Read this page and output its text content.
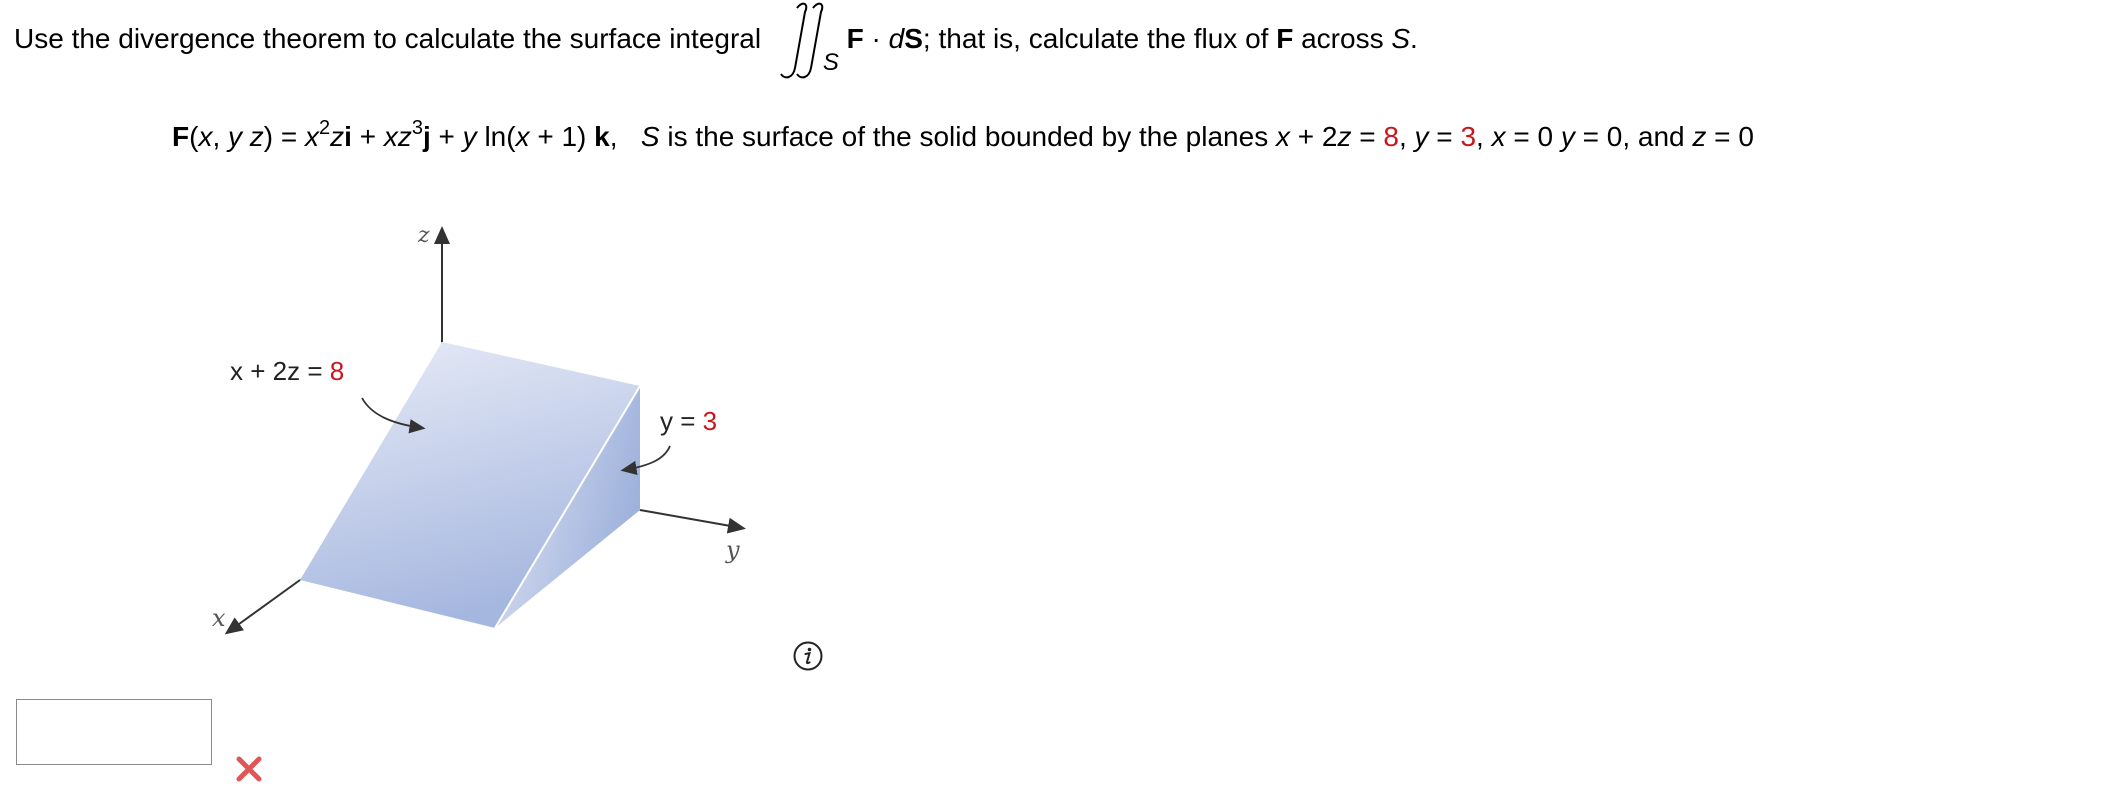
Use the divergence theorem to calculate the surface integral
S
F · dS; that is, calculate the flux of F across S.
F(x, y $z) = x^2zi + xz^3j + y$ ln(x + 1) k,   S is the surface of the solid bounded by the planes x + 2z = 8, y = 3, x = 0 y = 0, and z = 0
z
y
x
x + 2z = 8
y = 3
